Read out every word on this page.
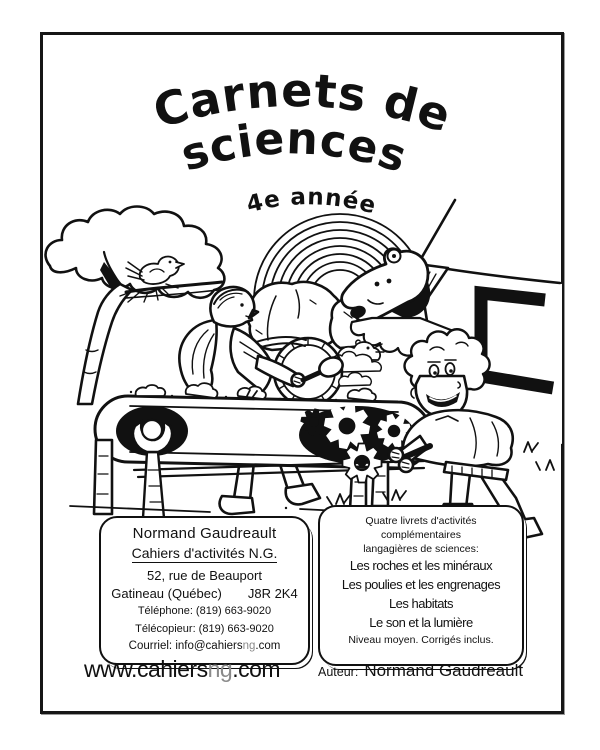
Carnets de
sciences
4e année
Normand Gaudreault
Cahiers d'activités N.G.
52, rue de Beauport
Gatineau (Québec) J8R 2K4
Téléphone: (819) 663-9020
Télécopieur: (819) 663-9020
Courriel: info@cahiersng.com
Quatre livrets d'activités
complémentaires
langagières de sciences:
Les roches et les minéraux
Les poulies et les engrenages
Les habitats
Le son et la lumière
Niveau moyen. Corrigés inclus.
www.cahiersng.com	Auteur: Normand Gaudreault
